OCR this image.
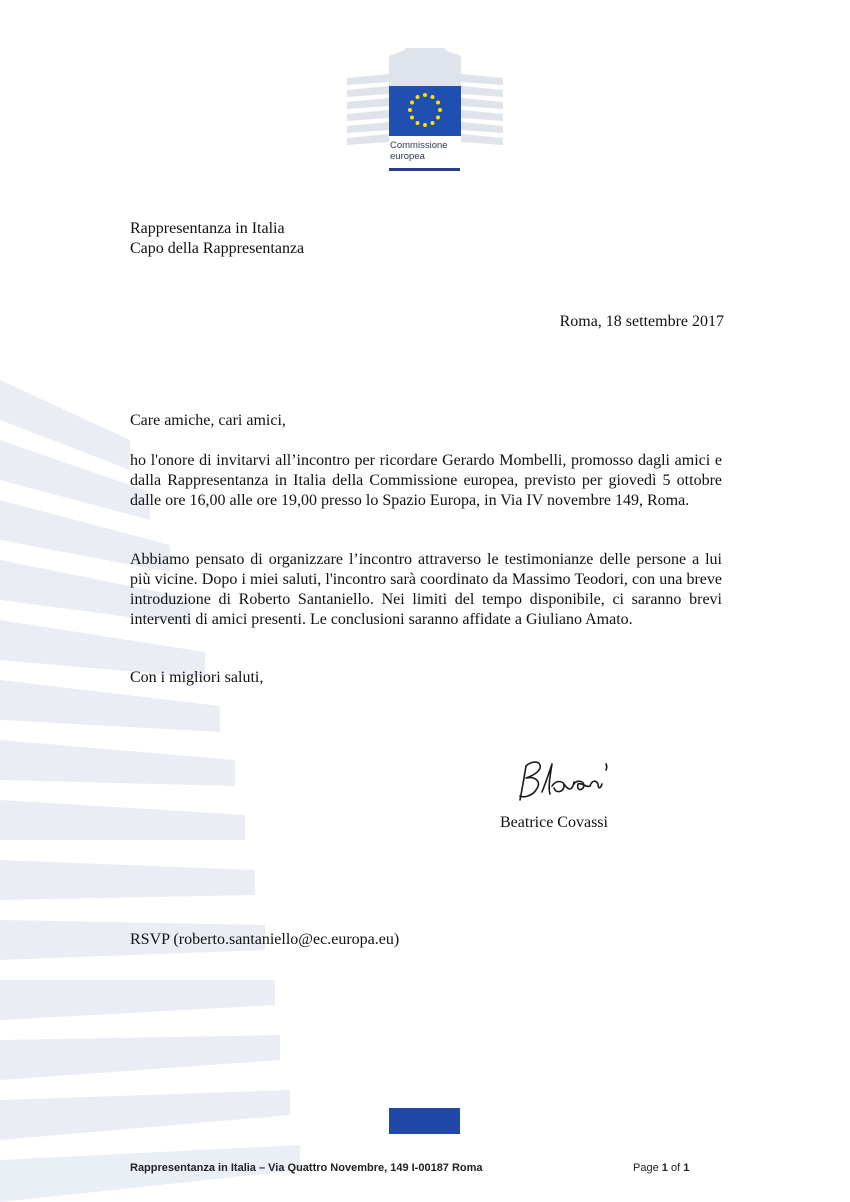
Commissione
europea
Rappresentanza in Italia
Capo della Rappresentanza
Roma, 18 settembre 2017
Care amiche, cari amici,
ho l'onore di invitarvi all’incontro per ricordare Gerardo Mombelli, promosso dagli amici e dalla Rappresentanza in Italia della Commissione europea, previsto per giovedì 5 ottobre dalle ore 16,00 alle ore 19,00 presso lo Spazio Europa, in Via IV novembre 149, Roma.
Abbiamo pensato di organizzare l’incontro attraverso le testimonianze delle persone a lui più vicine. Dopo i miei saluti, l'incontro sarà coordinato da Massimo Teodori, con una breve introduzione di Roberto Santaniello. Nei limiti del tempo disponibile, ci saranno brevi interventi di amici presenti. Le conclusioni saranno affidate a Giuliano Amato.
Con i migliori saluti,
Beatrice Covassi
RSVP (roberto.santaniello@ec.europa.eu)
Rappresentanza in Italia – Via Quattro Novembre, 149 I-00187 Roma	Page 1 of 1
